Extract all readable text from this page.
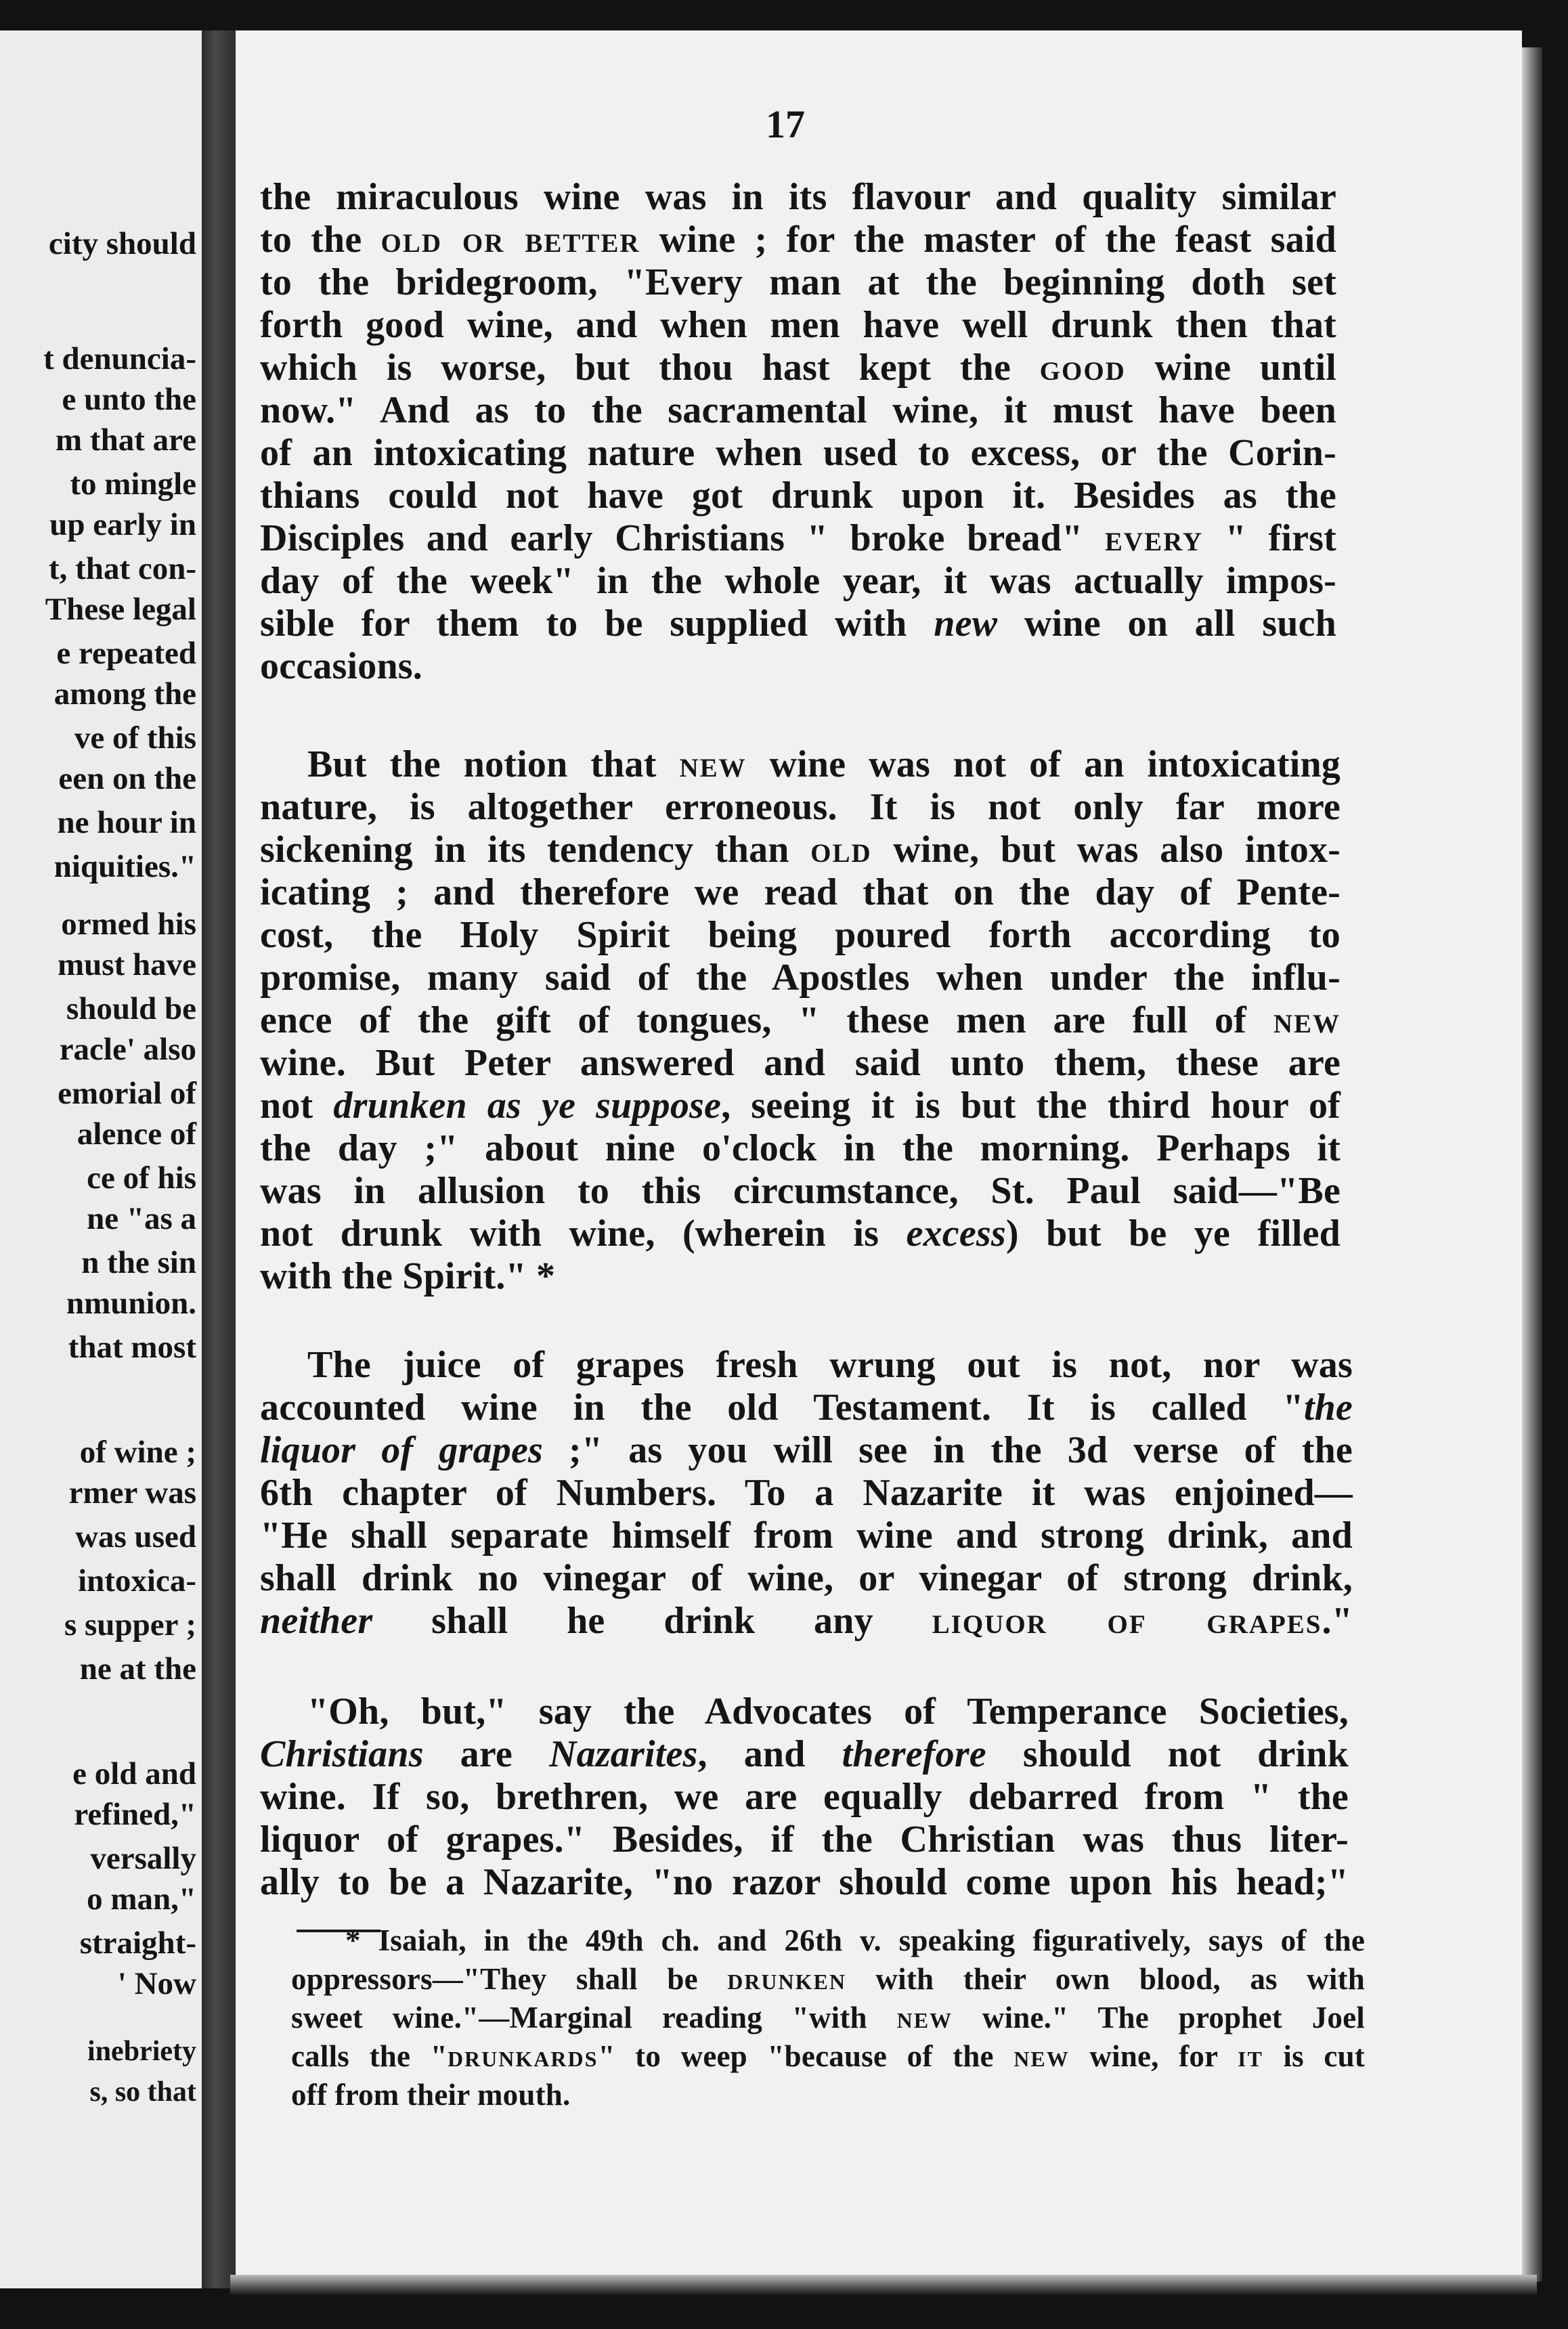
city should

t denuncia-

e unto the

m that are

to mingle

up early in

t, that con-

These legal

e repeated

among the

ve of this

een on the

ne hour in

niquities."

ormed his

must have

should be

racle' also

emorial of

alence of

ce of his

ne "as a

n the sin

nmunion.

that most

of wine ;

rmer was

was used

intoxica-

s supper ;

ne at the

e old and

refined,"

versally

o man,"

straight-

' Now

inebriety

s, so that

17

the miraculous wine was in its flavour and quality similar
to the old or better wine ; for the master of the feast said
to the bridegroom, "Every man at the beginning doth set
forth good wine, and when men have well drunk then that
which is worse, but thou hast kept the good wine until
now." And as to the sacramental wine, it must have been
of an intoxicating nature when used to excess, or the Corin-
thians could not have got drunk upon it. Besides as the
Disciples and early Christians " broke bread" every " first
day of the week" in the whole year, it was actually impos-
sible for them to be supplied with new wine on all such
occasions.

But the notion that new wine was not of an intoxicating
nature, is altogether erroneous. It is not only far more
sickening in its tendency than old wine, but was also intox-
icating ; and therefore we read that on the day of Pente-
cost, the Holy Spirit being poured forth according to
promise, many said of the Apostles when under the influ-
ence of the gift of tongues, " these men are full of new
wine. But Peter answered and said unto them, these are
not drunken as ye suppose, seeing it is but the third hour of
the day ;" about nine o'clock in the morning. Perhaps it
was in allusion to this circumstance, St. Paul said—"Be
not drunk with wine, (wherein is excess) but be ye filled
with the Spirit." *

The juice of grapes fresh wrung out is not, nor was
accounted wine in the old Testament. It is called "the
liquor of grapes ;" as you will see in the 3d verse of the
6th chapter of Numbers. To a Nazarite it was enjoined—
"He shall separate himself from wine and strong drink, and
shall drink no vinegar of wine, or vinegar of strong drink,
neither shall he drink any liquor of grapes."

"Oh, but," say the Advocates of Temperance Societies,
Christians are Nazarites, and therefore should not drink
wine. If so, brethren, we are equally debarred from " the
liquor of grapes." Besides, if the Christian was thus liter-
ally to be a Nazarite, "no razor should come upon his head;"

* Isaiah, in the 49th ch. and 26th v. speaking figuratively, says of the
oppressors—"They shall be drunken with their own blood, as with
sweet wine."—Marginal reading "with new wine." The prophet Joel
calls the "drunkards" to weep "because of the new wine, for it is cut
off from their mouth.
